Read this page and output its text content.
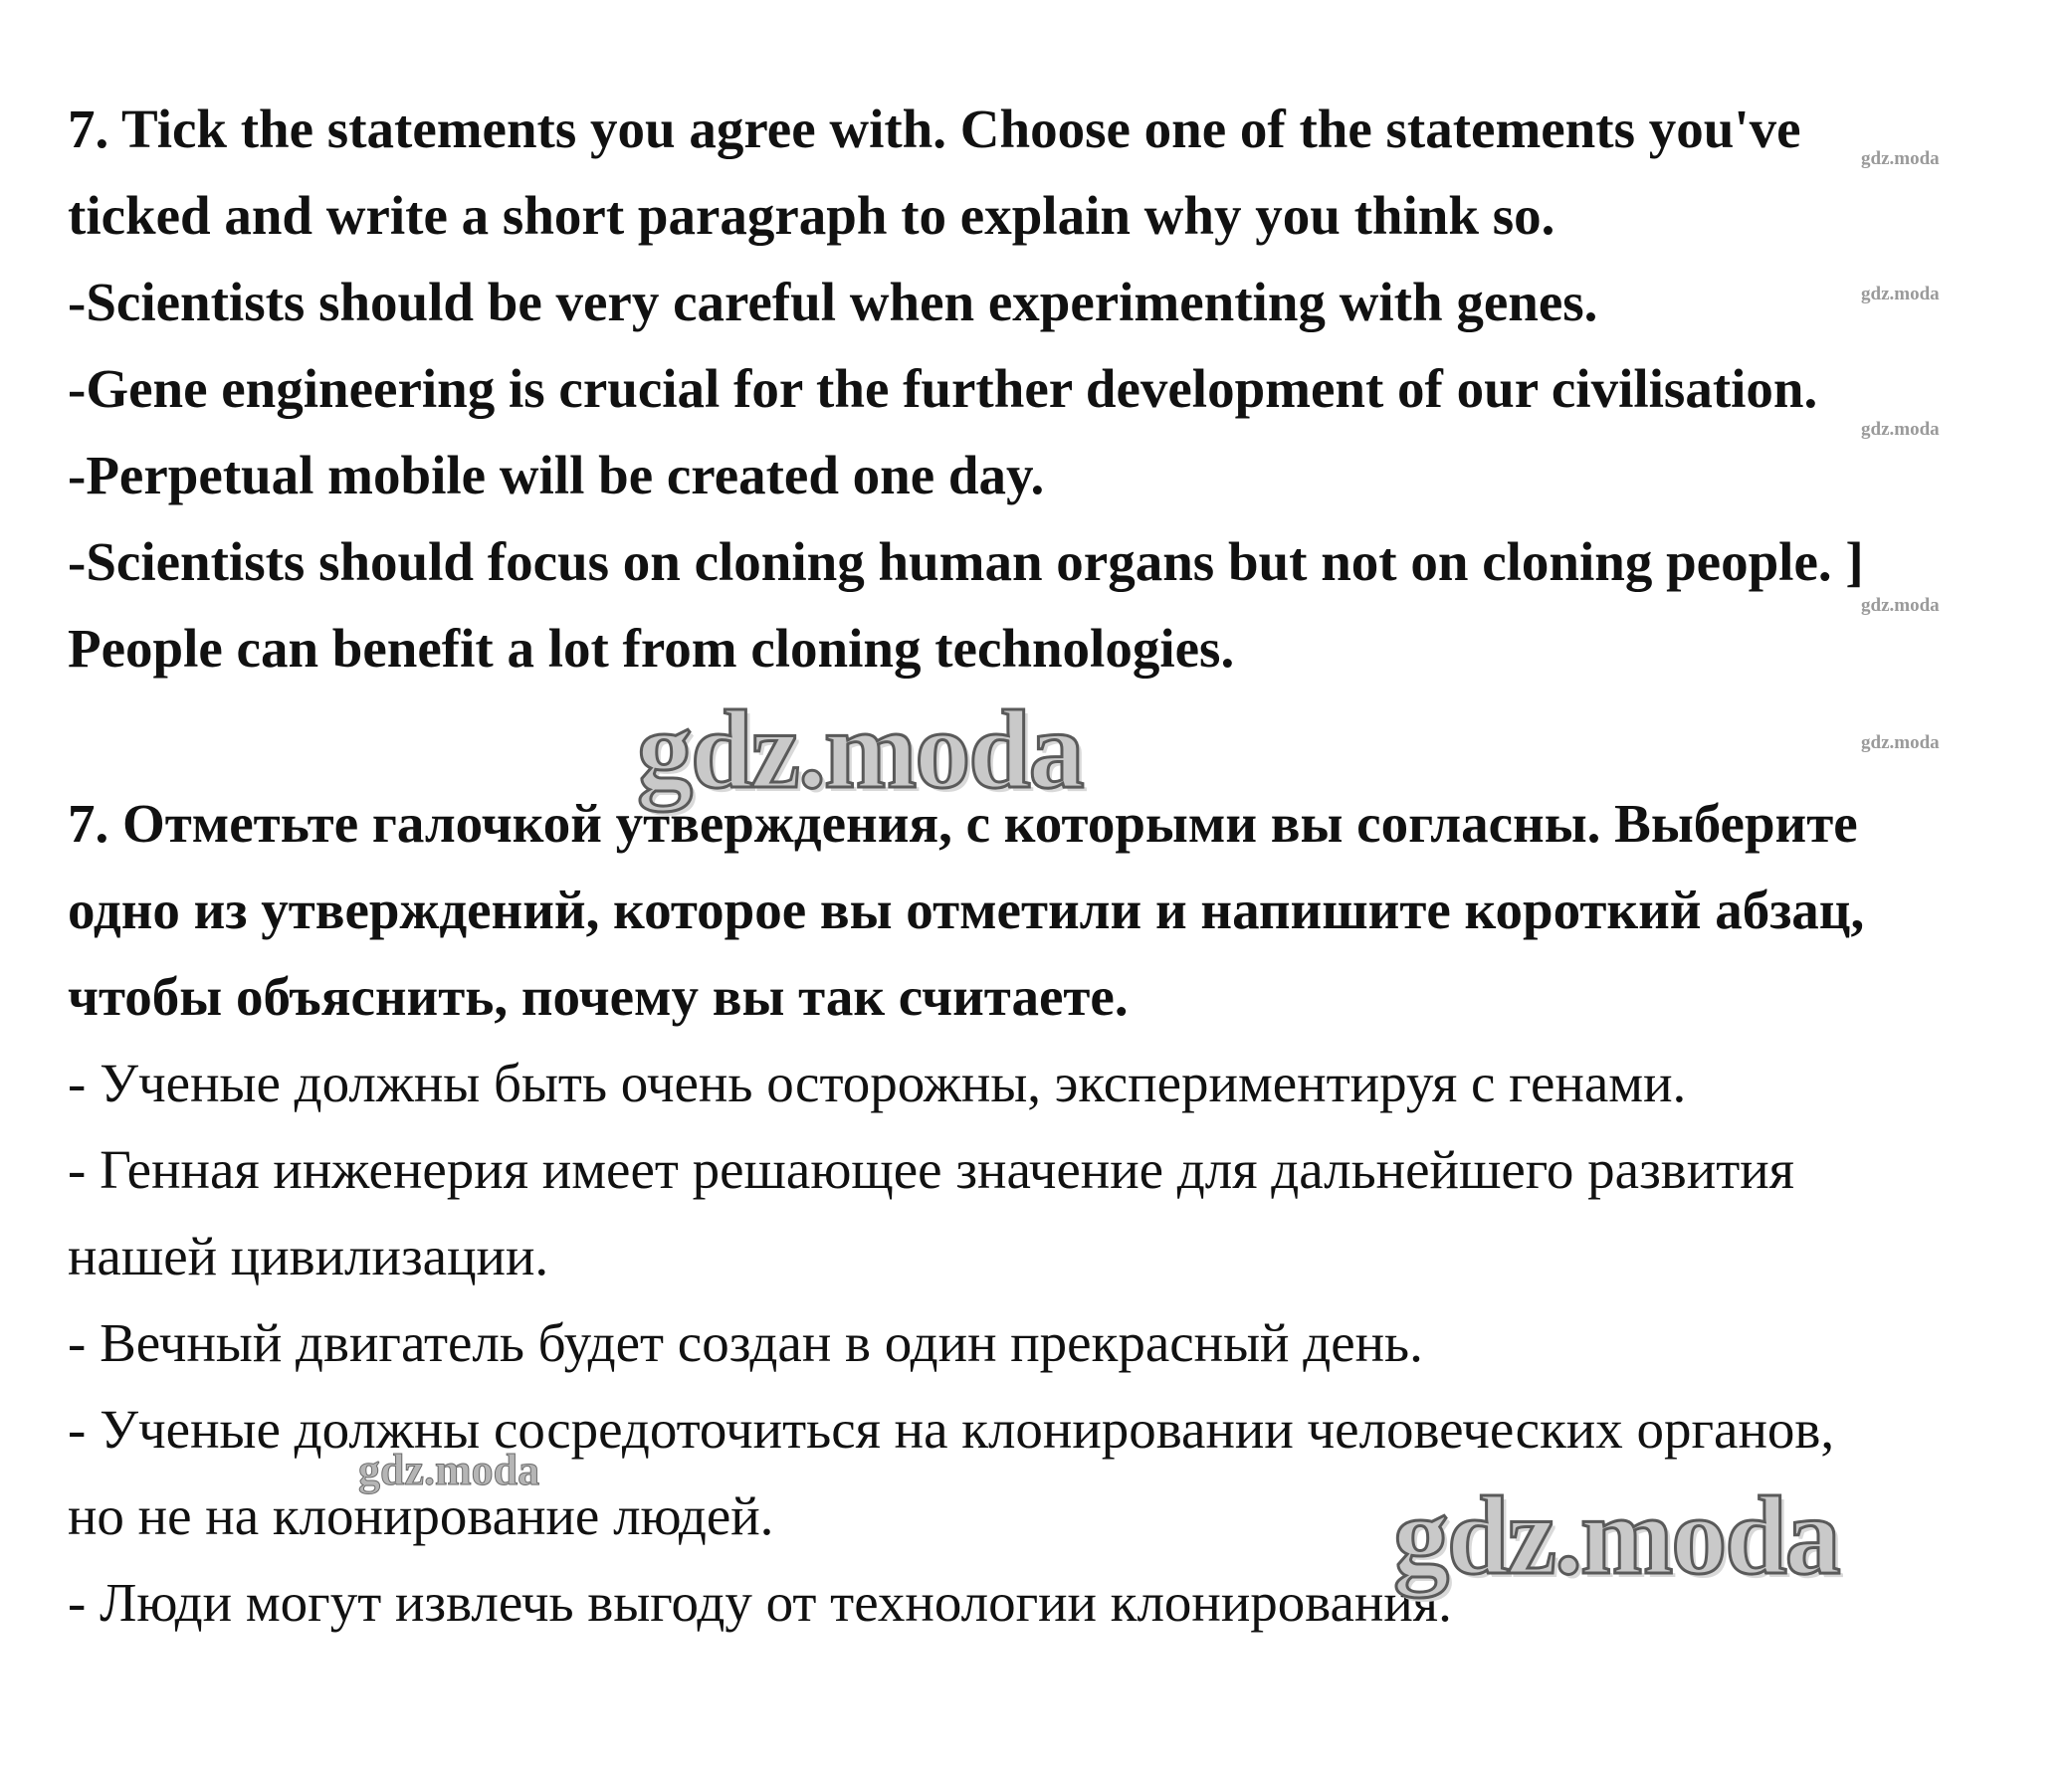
7. Tick the statements you agree with. Choose one of the statements you've
ticked and write a short paragraph to explain why you think so.
-Scientists should be very careful when experimenting with genes.
-Gene engineering is crucial for the further development of our civilisation.
-Perpetual mobile will be created one day.
-Scientists should focus on cloning human organs but not on cloning people. ]
People can benefit a lot from cloning technologies.
7. Отметьте галочкой утверждения, с которыми вы согласны. Выберите
одно из утверждений, которое вы отметили и напишите короткий абзац,
чтобы объяснить, почему вы так считаете.
- Ученые должны быть очень осторожны, экспериментируя с генами.
- Генная инженерия имеет решающее значение для дальнейшего развития
нашей цивилизации.
- Вечный двигатель будет создан в один прекрасный день.
- Ученые должны сосредоточиться на клонировании человеческих органов,
но не на клонирование людей.
- Люди могут извлечь выгоду от технологии клонирования.
gdz.moda
gdz.moda
gdz.moda
gdz.moda
gdz.moda
gdz.moda
gdz.moda
gdz.moda
